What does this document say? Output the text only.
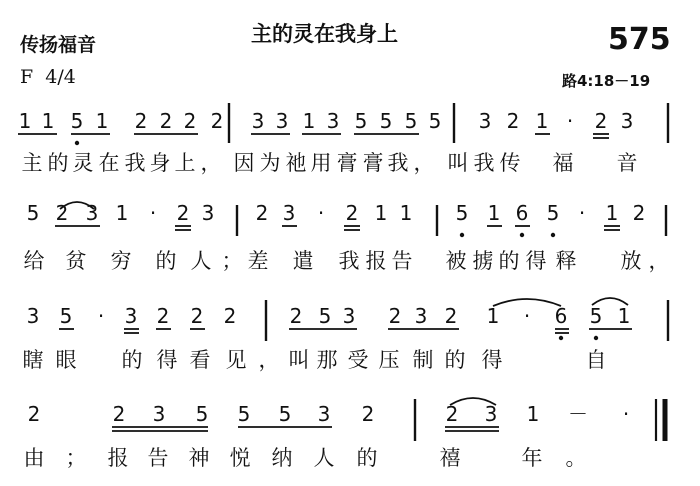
传扬福音	主的灵在我身上	575
F  4/4	路4:18－19
1 1 5 1 2 2 2 2 3 3 1 3 5 5 5 5 3 2 1 · 2 3
主 的 灵 在 我 身 上 ， 因 为 祂 用 膏 膏 我 ， 叫 我 传 福 音
5 2 3 1 · 2 3 2 3 · 2 1 1 5 1 6 5 · 1 2
给 贫 穷 的 人 ； 差 遣 我 报 告 被 掳 的 得 释 放 ，
3 5 · 3 2 2 2	2 5 3 2 3 2 1 · 6 5 1
瞎 眼 的 得 看 见 ， 叫 那 受 压 制 的 得	自
2	2 3 5 5 5 3 2	2 3 1 － ·
由 ； 报 告 神 悦 纳 人 的	禧	年 。
